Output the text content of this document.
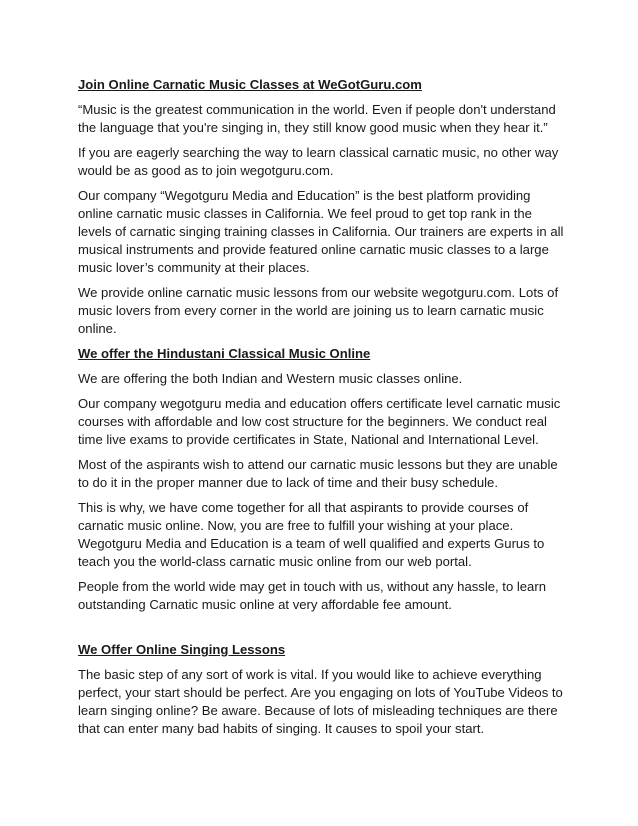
Join Online Carnatic Music Classes at WeGotGuru.com
“Music is the greatest communication in the world. Even if people don't understand the language that you're singing in, they still know good music when they hear it.”
If you are eagerly searching the way to learn classical carnatic music, no other way would be as good as to join wegotguru.com.
Our company “Wegotguru Media and Education” is the best platform providing online carnatic music classes in California. We feel proud to get top rank in the levels of carnatic singing training classes in California. Our trainers are experts in all musical instruments and provide featured online carnatic music classes to a large music lover’s community at their places.
We provide online carnatic music lessons from our website wegotguru.com. Lots of music lovers from every corner in the world are joining us to learn carnatic music online.
We offer the Hindustani Classical Music Online
We are offering the both Indian and Western music classes online.
Our company wegotguru media and education offers certificate level carnatic music courses with affordable and low cost structure for the beginners. We conduct real time live exams to provide certificates in State, National and International Level.
Most of the aspirants wish to attend our carnatic music lessons but they are unable to do it in the proper manner due to lack of time and their busy schedule.
This is why, we have come together for all that aspirants to provide courses of carnatic music online. Now, you are free to fulfill your wishing at your place. Wegotguru Media and Education is a team of well qualified and experts Gurus to teach you the world-class carnatic music online from our web portal.
People from the world wide may get in touch with us, without any hassle, to learn outstanding Carnatic music online at very affordable fee amount.
We Offer Online Singing Lessons
The basic step of any sort of work is vital. If you would like to achieve everything perfect, your start should be perfect. Are you engaging on lots of YouTube Videos to learn singing online? Be aware. Because of lots of misleading techniques are there that can enter many bad habits of singing. It causes to spoil your start.
